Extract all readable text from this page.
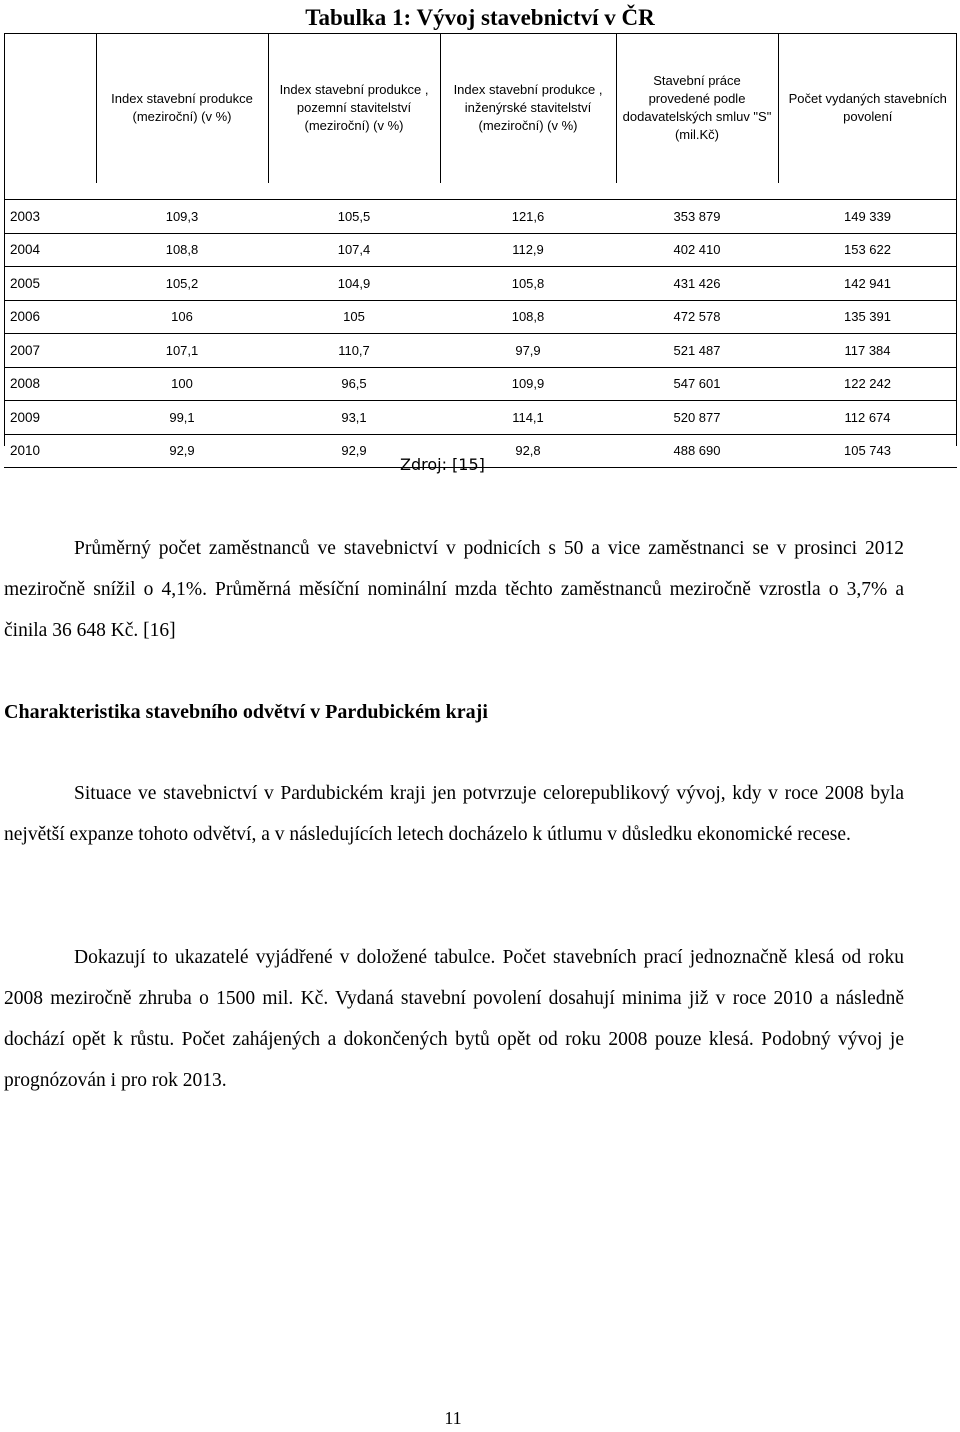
Tabulka 1: Vývoj stavebnictví v ČR
	Index stavební produkce (meziroční) (v %)	Index stavební produkce , pozemní stavitelství (meziroční) (v %)	Index stavební produkce , inženýrské stavitelství (meziroční) (v %)	Stavební práce provedené podle dodavatelských smluv "S" (mil.Kč)	Počet vydaných stavebních povolení

2003	109,3	105,5	121,6	353 879	149 339
2004	108,8	107,4	112,9	402 410	153 622
2005	105,2	104,9	105,8	431 426	142 941
2006	106	105	108,8	472 578	135 391
2007	107,1	110,7	97,9	521 487	117 384
2008	100	96,5	109,9	547 601	122 242
2009	99,1	93,1	114,1	520 877	112 674
2010	92,9	92,9	92,8	488 690	105 743
Zdroj: [15]

Průměrný počet zaměstnanců ve stavebnictví v podnicích s 50 a vice zaměstnanci se v prosinci 2012 meziročně snížil o 4,1%. Průměrná měsíční nominální mzda těchto zaměstnanců meziročně vzrostla o 3,7% a činila 36 648 Kč. [16]

Charakteristika stavebního odvětví v Pardubickém kraji

Situace ve stavebnictví v Pardubickém kraji jen potvrzuje celorepublikový vývoj, kdy v roce 2008 byla největší expanze tohoto odvětví, a v následujících letech docházelo k útlumu v důsledku ekonomické recese.

Dokazují to ukazatelé vyjádřené v doložené tabulce. Počet stavebních prací jednoznačně klesá od roku 2008 meziročně zhruba o 1500 mil. Kč. Vydaná stavební povolení dosahují minima již v roce 2010 a následně dochází opět k růstu. Počet zahájených a dokončených bytů opět od roku 2008 pouze klesá. Podobný vývoj je prognózován i pro rok 2013.

11
